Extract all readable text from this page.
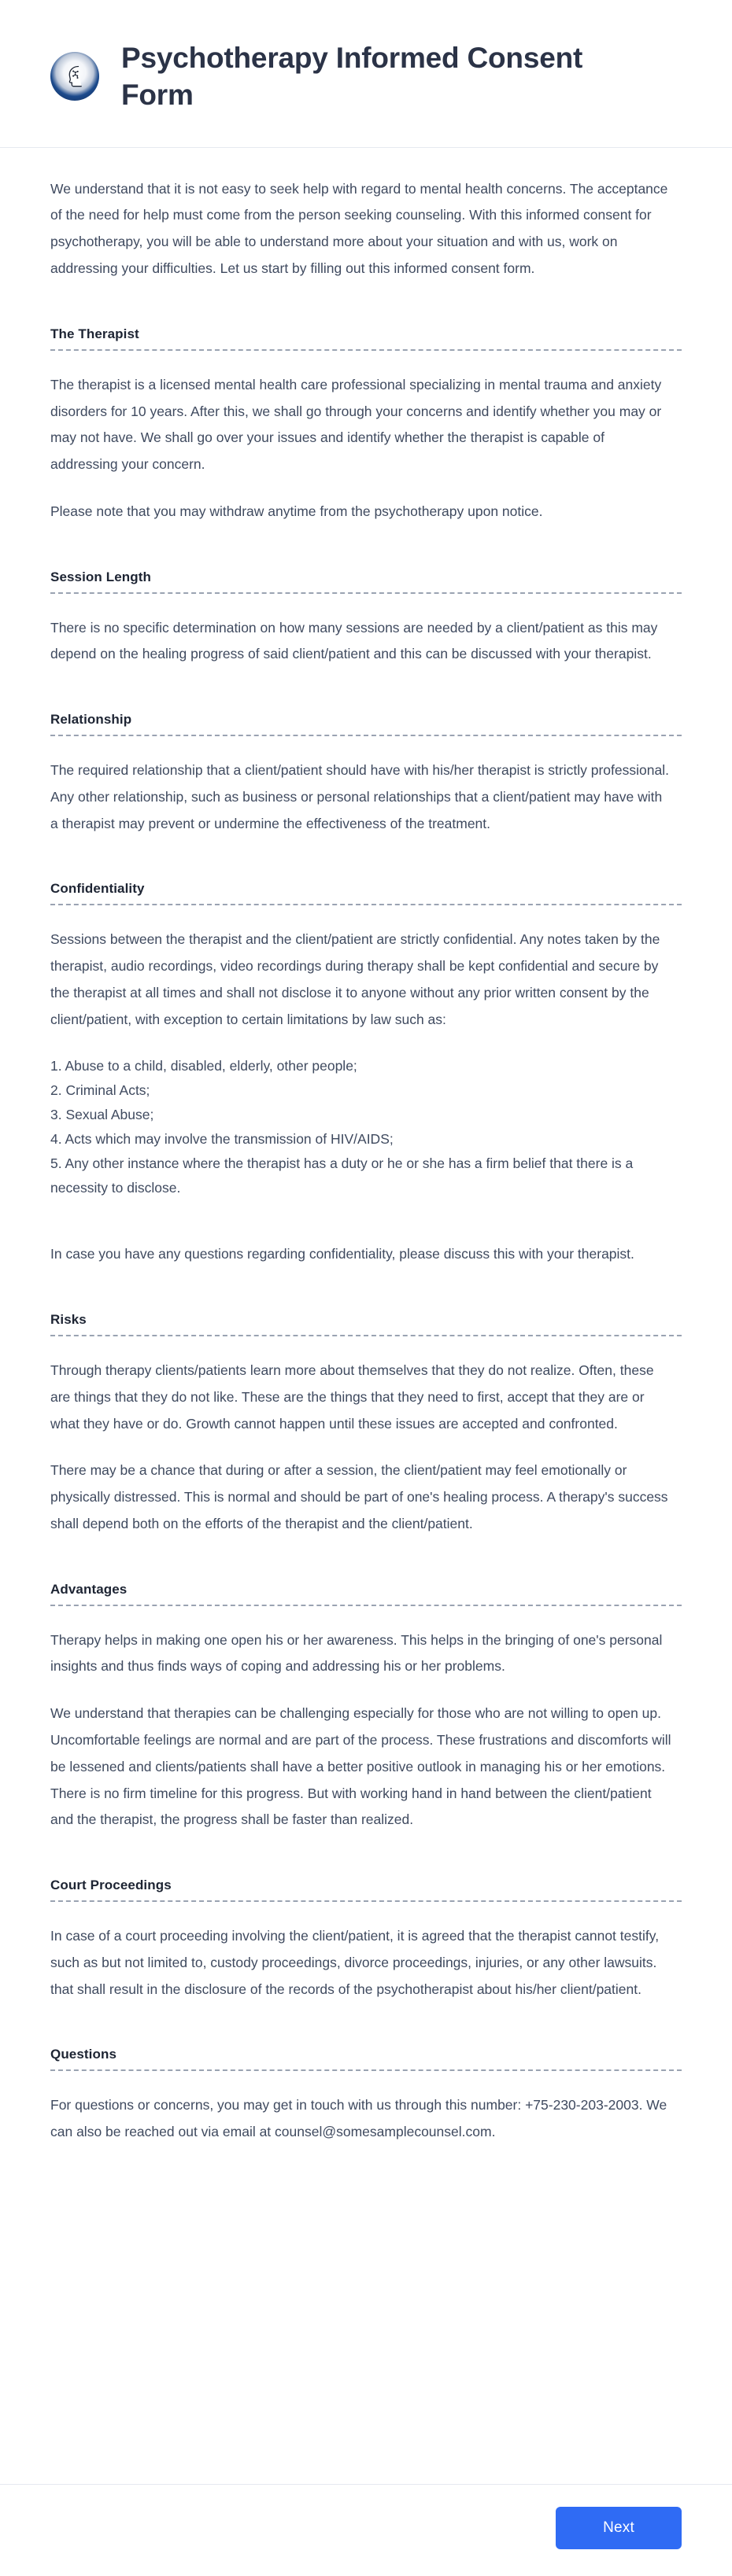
Psychotherapy Informed Consent Form

We understand that it is not easy to seek help with regard to mental health concerns. The acceptance of the need for help must come from the person seeking counseling. With this informed consent for psychotherapy, you will be able to understand more about your situation and with us, work on addressing your difficulties. Let us start by filling out this informed consent form.

The Therapist

The therapist is a licensed mental health care professional specializing in mental trauma and anxiety disorders for 10 years. After this, we shall go through your concerns and identify whether you may or may not have. We shall go over your issues and identify whether the therapist is capable of addressing your concern.

Please note that you may withdraw anytime from the psychotherapy upon notice.

Session Length

There is no specific determination on how many sessions are needed by a client/patient as this may depend on the healing progress of said client/patient and this can be discussed with your therapist.

Relationship

The required relationship that a client/patient should have with his/her therapist is strictly professional. Any other relationship, such as business or personal relationships that a client/patient may have with a therapist may prevent or undermine the effectiveness of the treatment.

Confidentiality

Sessions between the therapist and the client/patient are strictly confidential. Any notes taken by the therapist, audio recordings, video recordings during therapy shall be kept confidential and secure by the therapist at all times and shall not disclose it to anyone without any prior written consent by the client/patient, with exception to certain limitations by law such as:

1. Abuse to a child, disabled, elderly, other people;
2. Criminal Acts;
3. Sexual Abuse;
4. Acts which may involve the transmission of HIV/AIDS;
5. Any other instance where the therapist has a duty or he or she has a firm belief that there is a necessity to disclose.

In case you have any questions regarding confidentiality, please discuss this with your therapist.

Risks

Through therapy clients/patients learn more about themselves that they do not realize. Often, these are things that they do not like. These are the things that they need to first, accept that they are or what they have or do. Growth cannot happen until these issues are accepted and confronted.

There may be a chance that during or after a session, the client/patient may feel emotionally or physically distressed. This is normal and should be part of one's healing process. A therapy's success shall depend both on the efforts of the therapist and the client/patient.

Advantages

Therapy helps in making one open his or her awareness. This helps in the bringing of one's personal insights and thus finds ways of coping and addressing his or her problems.

We understand that therapies can be challenging especially for those who are not willing to open up. Uncomfortable feelings are normal and are part of the process. These frustrations and discomforts will be lessened and clients/patients shall have a better positive outlook in managing his or her emotions. There is no firm timeline for this progress. But with working hand in hand between the client/patient and the therapist, the progress shall be faster than realized.

Court Proceedings

In case of a court proceeding involving the client/patient, it is agreed that the therapist cannot testify, such as but not limited to, custody proceedings, divorce proceedings, injuries, or any other lawsuits. that shall result in the disclosure of the records of the psychotherapist about his/her client/patient.

Questions

For questions or concerns, you may get in touch with us through this number: +75-230-203-2003. We can also be reached out via email at counsel@somesamplecounsel.com.

Next
